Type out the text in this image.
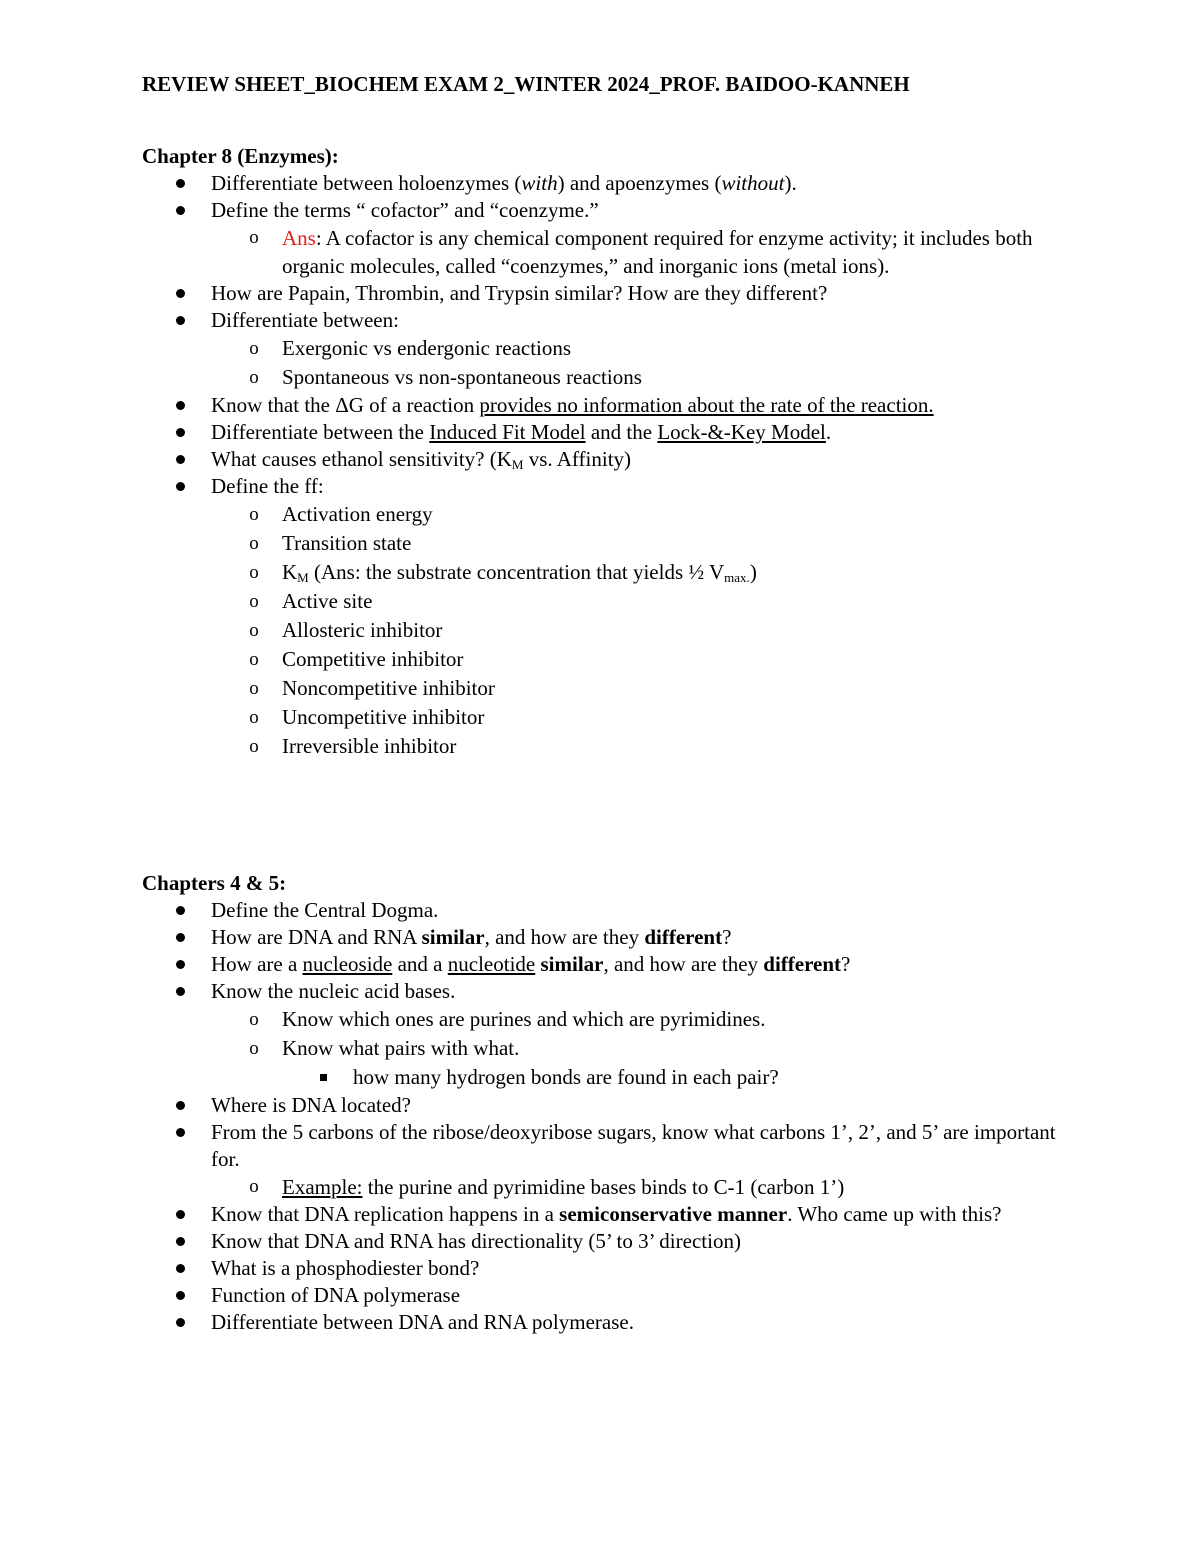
REVIEW SHEET_BIOCHEM EXAM 2_WINTER 2024_PROF. BAIDOO-KANNEH
Chapter 8 (Enzymes):
Differentiate between holoenzymes (with) and apoenzymes (without).
Define the terms “ cofactor” and “coenzyme.”
o Ans: A cofactor is any chemical component required for enzyme activity; it includes both organic molecules, called “coenzymes,” and inorganic ions (metal ions).
How are Papain, Thrombin, and Trypsin similar? How are they different?
Differentiate between:
o Exergonic vs endergonic reactions
o Spontaneous vs non-spontaneous reactions
Know that the ΔG of a reaction provides no information about the rate of the reaction.
Differentiate between the Induced Fit Model and the Lock-&-Key Model.
What causes ethanol sensitivity? ($K_M$ vs. Affinity)
Define the ff:
o Activation energy
o Transition state
o $K_M$ (Ans: the substrate concentration that yields ½ $V_{max.}$)
o Active site
o Allosteric inhibitor
o Competitive inhibitor
o Noncompetitive inhibitor
o Uncompetitive inhibitor
o Irreversible inhibitor
Chapters 4 & 5:
Define the Central Dogma.
How are DNA and RNA similar, and how are they different?
How are a nucleoside and a nucleotide similar, and how are they different?
Know the nucleic acid bases.
o Know which ones are purines and which are pyrimidines.
o Know what pairs with what.
how many hydrogen bonds are found in each pair?
Where is DNA located?
From the 5 carbons of the ribose/deoxyribose sugars, know what carbons 1’, 2’, and 5’ are important for.
o Example: the purine and pyrimidine bases binds to C-1 (carbon 1’)
Know that DNA replication happens in a semiconservative manner. Who came up with this?
Know that DNA and RNA has directionality (5’ to 3’ direction)
What is a phosphodiester bond?
Function of DNA polymerase
Differentiate between DNA and RNA polymerase.
